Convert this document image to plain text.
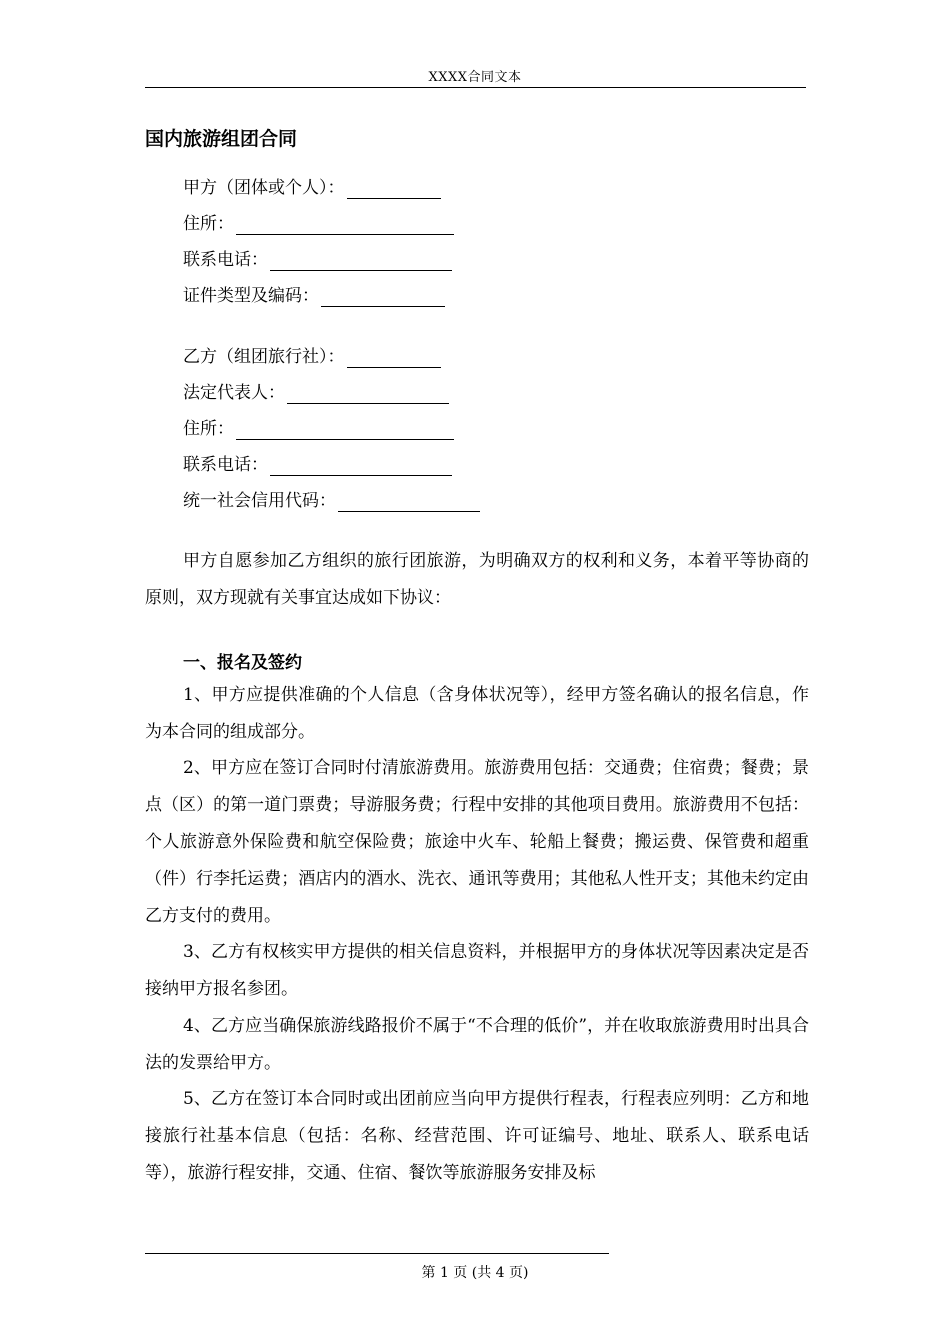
XXXX合同文本
国内旅游组团合同
甲方（团体或个人）：
住所：
联系电话：
证件类型及编码：
乙方（组团旅行社）：
法定代表人：
住所：
联系电话：
统一社会信用代码：
甲方自愿参加乙方组织的旅行团旅游，为明确双方的权利和义务，本着平等协商的原则，双方现就有关事宜达成如下协议：
一、报名及签约
1、甲方应提供准确的个人信息（含身体状况等），经甲方签名确认的报名信息，作为本合同的组成部分。
2、甲方应在签订合同时付清旅游费用。旅游费用包括：交通费；住宿费；餐费；景点（区）的第一道门票费；导游服务费；行程中安排的其他项目费用。旅游费用不包括：个人旅游意外保险费和航空保险费；旅途中火车、轮船上餐费；搬运费、保管费和超重（件）行李托运费；酒店内的酒水、洗衣、通讯等费用；其他私人性开支；其他未约定由乙方支付的费用。
3、乙方有权核实甲方提供的相关信息资料，并根据甲方的身体状况等因素决定是否接纳甲方报名参团。
4、乙方应当确保旅游线路报价不属于“不合理的低价”，并在收取旅游费用时出具合法的发票给甲方。
5、乙方在签订本合同时或出团前应当向甲方提供行程表，行程表应列明：乙方和地接旅行社基本信息（包括：名称、经营范围、许可证编号、地址、联系人、联系电话等），旅游行程安排，交通、住宿、餐饮等旅游服务安排及标
第 1 页 (共 4 页)
